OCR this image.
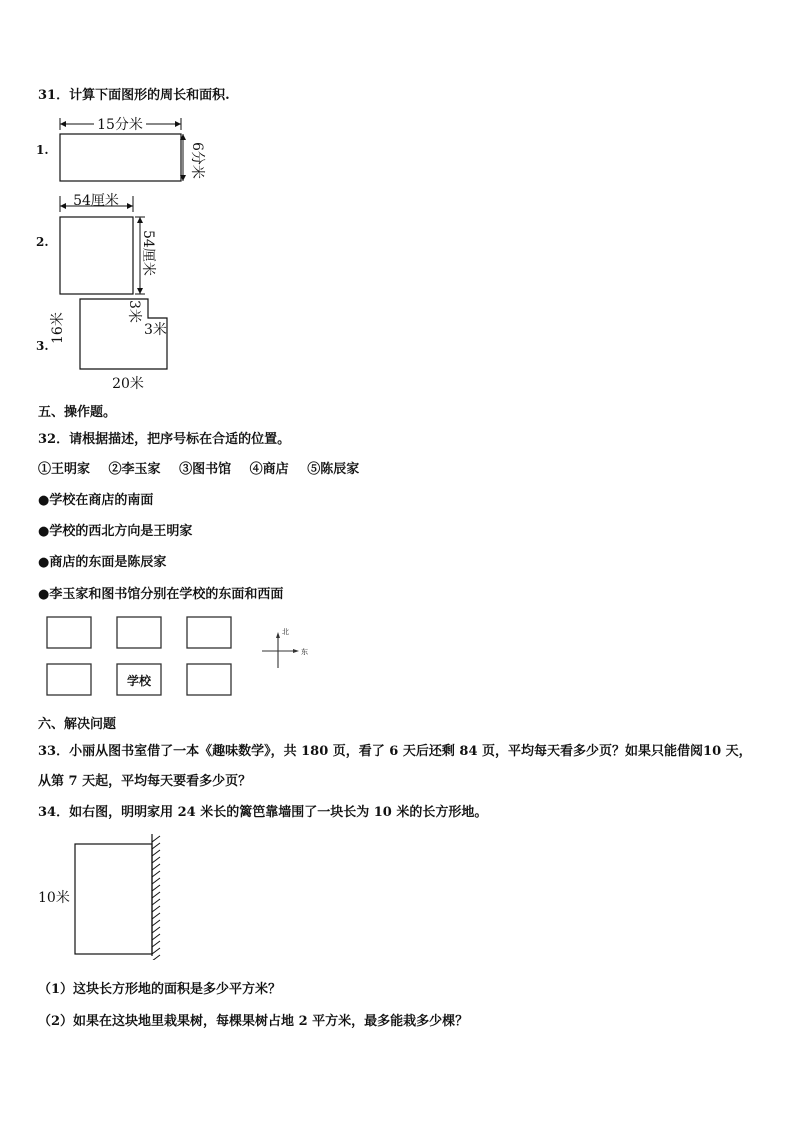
31．计算下面图形的周长和面积.
1.
15分米
6分米
2.
54厘米
54厘米
3.
16米
3米
3米
20米
五、操作题。
32．请根据描述，把序号标在合适的位置。
①王明家 ②李玉家 ③图书馆 ④商店 ⑤陈辰家
●学校在商店的南面
●学校的西北方向是王明家
●商店的东面是陈辰家
●李玉家和图书馆分别在学校的东面和西面
学校
北
东
六、解决问题
33．小丽从图书室借了一本《趣味数学》，共 180 页，看了 6 天后还剩 84 页，平均每天看多少页？如果只能借阅10 天，
从第 7 天起，平均每天要看多少页？
34．如右图，明明家用 24 米长的篱笆靠墙围了一块长为 10 米的长方形地。
10米
（1）这块长方形地的面积是多少平方米？
（2）如果在这块地里栽果树，每棵果树占地 2 平方米，最多能栽多少棵？
